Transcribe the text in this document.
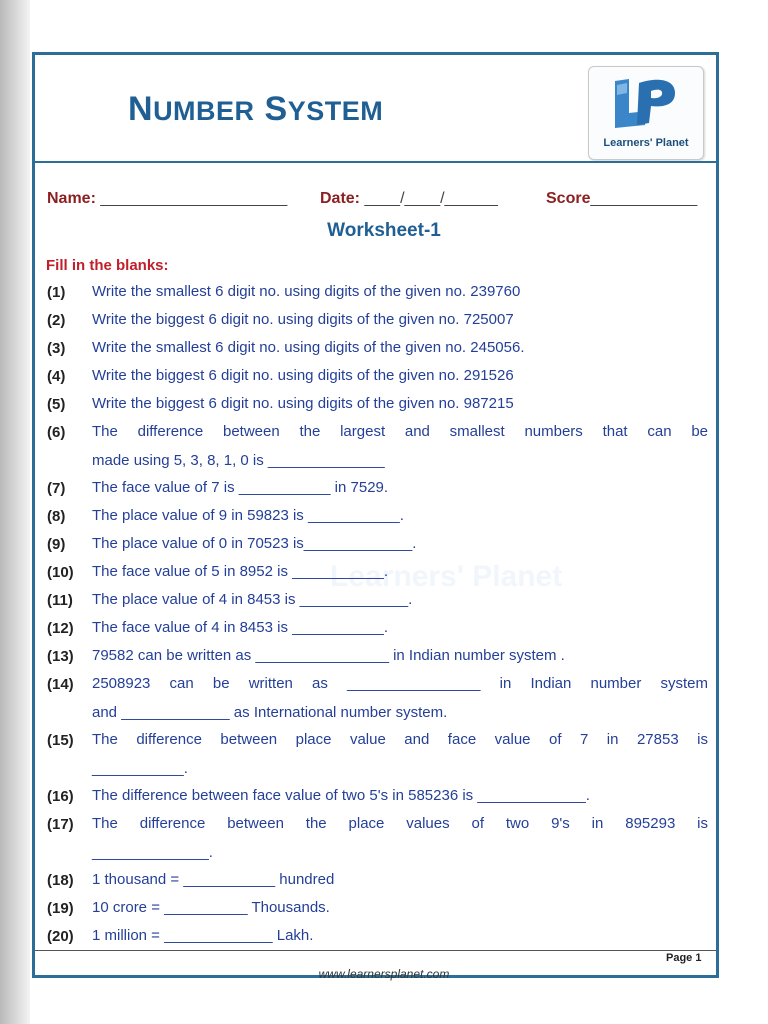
Learners' Planet
NUMBER SYSTEM
Learners' Planet
Name: _____________________ Date: ____/____/______	Score____________
Worksheet-1
Fill in the blanks:
(1) Write the smallest 6 digit no. using digits of the given no. 239760
(2) Write the biggest 6 digit no. using digits of the given no. 725007
(3) Write the smallest 6 digit no. using digits of the given no. 245056.
(4) Write the biggest 6 digit no. using digits of the given no. 291526
(5) Write the biggest 6 digit no. using digits of the given no. 987215
(6) The difference between the largest and smallest numbers that can be
made using 5, 3, 8, 1, 0 is ______________
(7) The face value of 7 is ___________ in 7529.
(8) The place value of 9 in 59823 is ___________.
(9) The place value of 0 in 70523 is_____________.
(10) The face value of 5 in 8952 is ___________.
(11) The place value of 4 in 8453 is _____________.
(12) The face value of 4 in 8453 is ___________.
(13) 79582 can be written as ________________ in Indian number system .
(14) 2508923 can be written as ________________ in Indian number system
and _____________ as International number system.
(15) The difference between place value and face value of 7 in 27853 is
___________.
(16) The difference between face value of two 5's in 585236 is _____________.
(17) The difference between the place values of two 9's in 895293 is
______________.
(18) 1 thousand = ___________ hundred
(19) 10 crore = __________ Thousands.
(20) 1 million = _____________ Lakh.
Page 1
www.learnersplanet.com
